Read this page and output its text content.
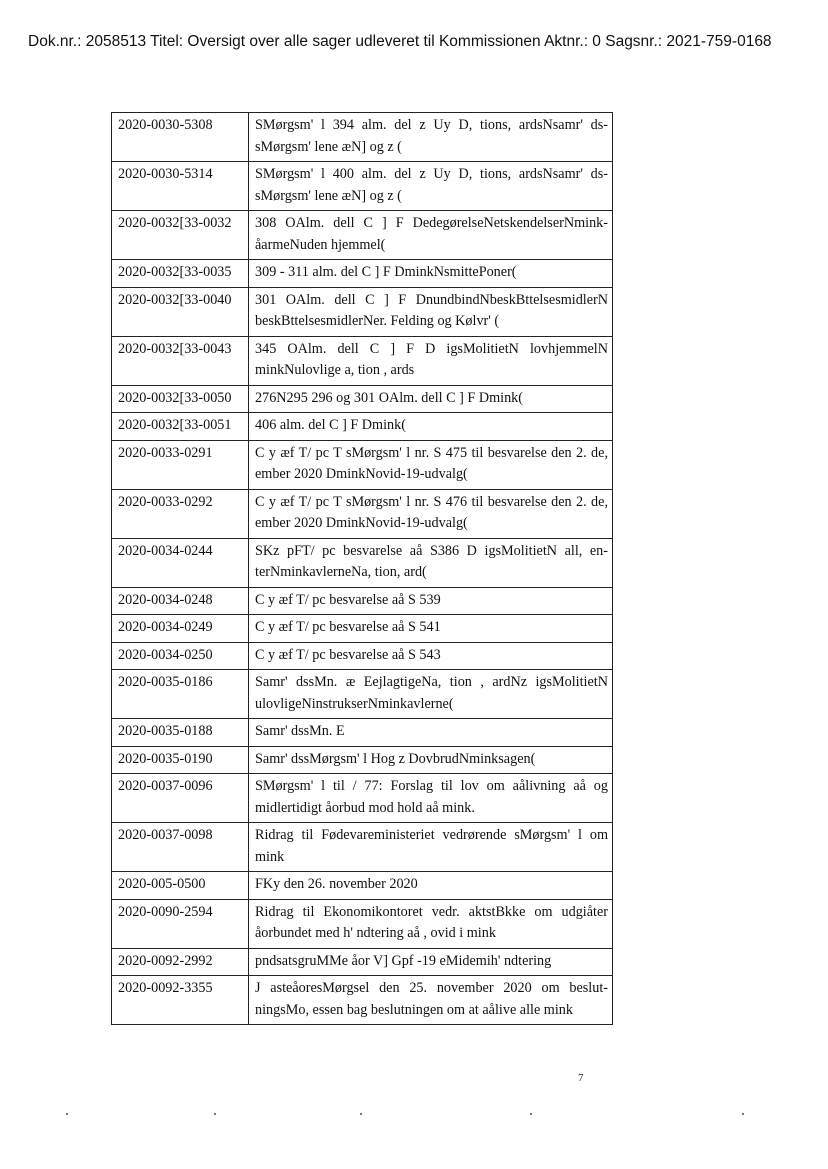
Dok.nr.: 2058513 Titel: Oversigt over alle sager udleveret til Kommissionen Aktnr.: 0 Sagsnr.: 2021-759-0168
2020-0030-5308	SMørgsm' l 394 alm. del z Uy D, tions, ardsNsamr' ds-sMørgsm' lene æN] og z (
2020-0030-5314	SMørgsm' l 400 alm. del z Uy D, tions, ardsNsamr' ds-sMørgsm' lene æN] og z (
2020-0032[33-0032	308 OAlm. dell C ] F DedegørelseNetskendelserNmink-åarmeNuden hjemmel(
2020-0032[33-0035	309 - 311 alm. del C ] F DminkNsmittePoner(
2020-0032[33-0040	301 OAlm. dell C ] F DnundbindNbeskBttelsesmidlerN beskBttelsesmidlerNer. Felding og Kølvr' (
2020-0032[33-0043	345 OAlm. dell C ] F D igsMolitietN lovhjemmelN minkNulovlige a, tion , ards
2020-0032[33-0050	276N295 296 og 301 OAlm. dell C ] F Dmink(
2020-0032[33-0051	406 alm. del C ] F Dmink(
2020-0033-0291	C y æf T/ pc T sMørgsm' l nr. S 475 til besvarelse den 2. de, ember 2020 DminkNovid-19-udvalg(
2020-0033-0292	C y æf T/ pc T sMørgsm' l nr. S 476 til besvarelse den 2. de, ember 2020 DminkNovid-19-udvalg(
2020-0034-0244	SKz pFT/ pc besvarelse aå S386 D igsMolitietN all, en-terNminkavlerneNa, tion, ard(
2020-0034-0248	C y æf T/ pc besvarelse aå S 539
2020-0034-0249	C y æf T/ pc besvarelse aå S 541
2020-0034-0250	C y æf T/ pc besvarelse aå S 543
2020-0035-0186	Samr' dssMn. æ EejlagtigeNa, tion , ardNz igsMolitietN ulovligeNinstrukserNminkavlerne(
2020-0035-0188	Samr' dssMn. E
2020-0035-0190	Samr' dssMørgsm' l Hog z DovbrudNminksagen(
2020-0037-0096	SMørgsm' l til / 77: Forslag til lov om aålivning aå og midlertidigt åorbud mod hold aå mink.
2020-0037-0098	Ridrag til Fødevareministeriet vedrørende sMørgsm' l om mink
2020-005-0500	FKy den 26. november 2020
2020-0090-2594	Ridrag til Ekonomikontoret vedr. aktstBkke om udgiåter åorbundet med h' ndtering aå , ovid i mink
2020-0092-2992	pndsatsgruMMe åor V] Gpf -19 eMidemih' ndtering
2020-0092-3355	J asteåoresMørgsel den 25. november 2020 om beslut-ningsMo, essen bag beslutningen om at aålive alle mink
7
